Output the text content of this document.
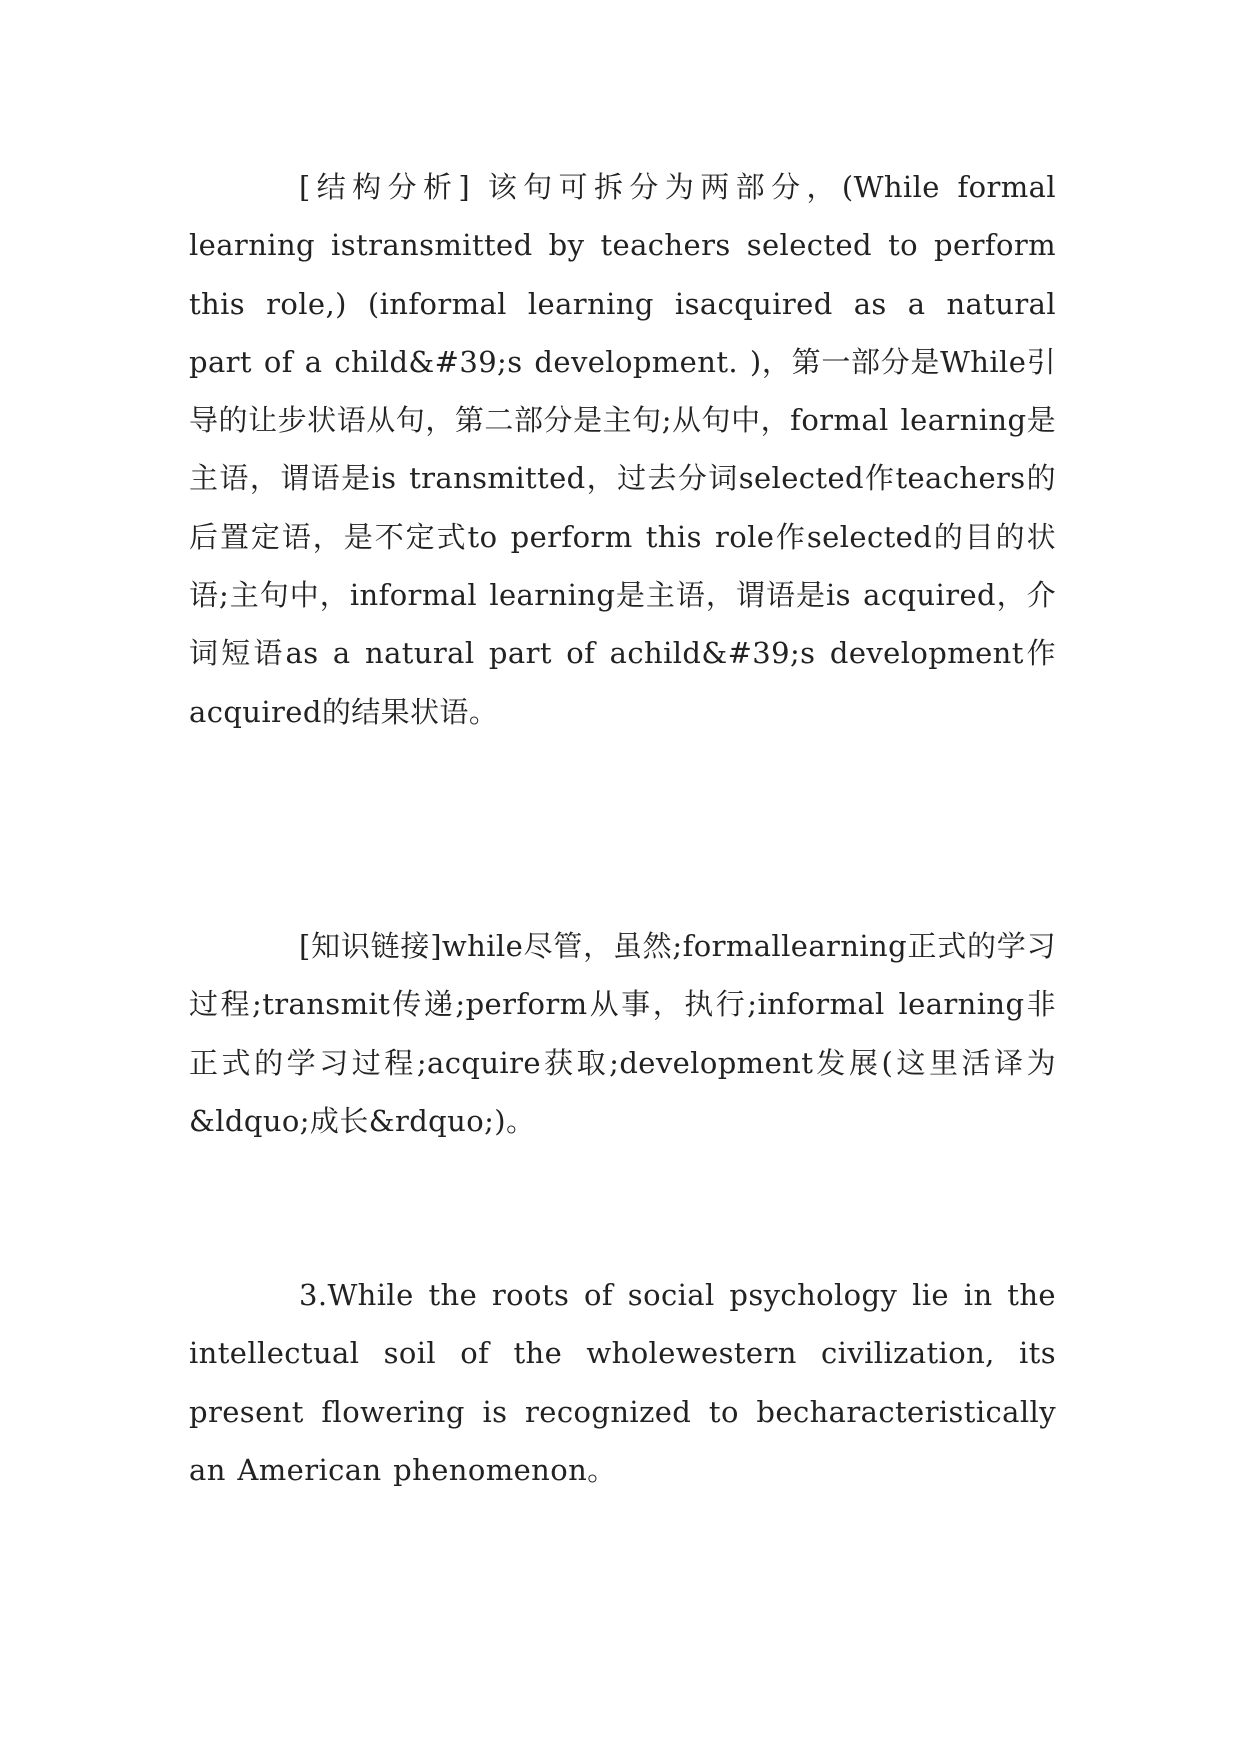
[结构分析] 该句可拆分为两部分，(While formal learning istransmitted by teachers selected to perform this role,) (informal learning isacquired as a natural part of a child&#39;s development. )，第一部分是While引导的让步状语从句，第二部分是主句;从句中，formal learning是主语，谓语是is transmitted，过去分词selected作teachers的后置定语，是不定式to perform this role作selected的目的状语;主句中，informal learning是主语，谓语是is acquired，介词短语as a natural part of achild&#39;s development作acquired的结果状语。

[知识链接]while尽管，虽然;formallearning正式的学习过程;transmit传递;perform从事，执行;informal learning非正式的学习过程;acquire获取;development发展(这里活译为&ldquo;成长&rdquo;)。

3.While the roots of social psychology lie in the intellectual soil of the wholewestern civilization, its present flowering is recognized to becharacteristically an American phenomenon。
